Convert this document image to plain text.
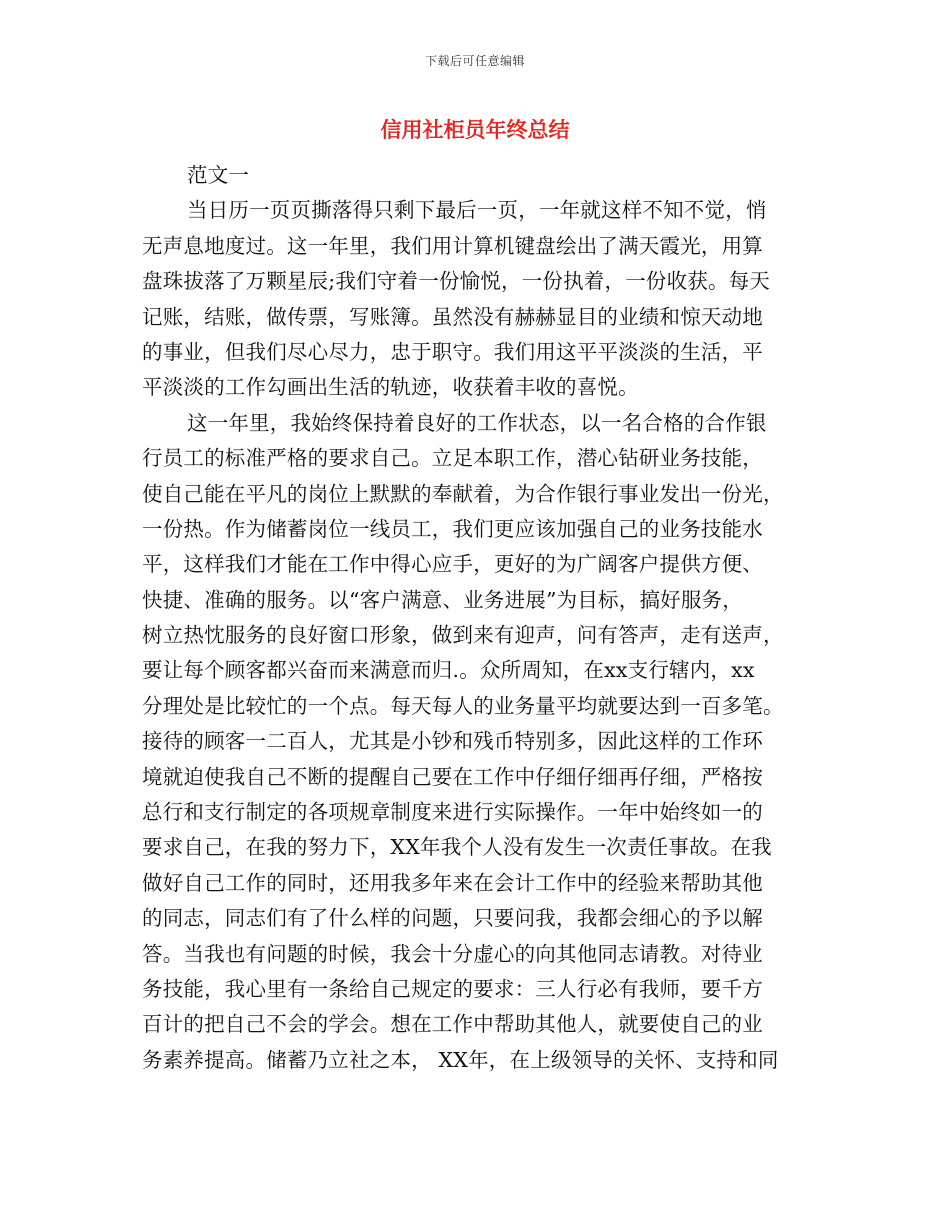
下载后可任意编辑
信用社柜员年终总结
范文一
当日历一页页撕落得只剩下最后一页，一年就这样不知不觉，悄
无声息地度过。这一年里，我们用计算机键盘绘出了满天霞光，用算
盘珠拔落了万颗星辰;我们守着一份愉悦，一份执着，一份收获。每天
记账，结账，做传票，写账簿。虽然没有赫赫显目的业绩和惊天动地
的事业，但我们尽心尽力，忠于职守。我们用这平平淡淡的生活，平
平淡淡的工作勾画出生活的轨迹，收获着丰收的喜悦。
这一年里，我始终保持着良好的工作状态，以一名合格的合作银
行员工的标准严格的要求自己。立足本职工作，潜心钻研业务技能，
使自己能在平凡的岗位上默默的奉献着，为合作银行事业发出一份光，
一份热。作为储蓄岗位一线员工，我们更应该加强自己的业务技能水
平，这样我们才能在工作中得心应手，更好的为广阔客户提供方便、
快捷、准确的服务。以“客户满意、业务进展”为目标，搞好服务，
树立热忱服务的良好窗口形象，做到来有迎声，问有答声，走有送声，
要让每个顾客都兴奋而来满意而归.。众所周知，在xx支行辖内，xx
分理处是比较忙的一个点。每天每人的业务量平均就要达到一百多笔。
接待的顾客一二百人，尤其是小钞和残币特别多，因此这样的工作环
境就迫使我自己不断的提醒自己要在工作中仔细仔细再仔细，严格按
总行和支行制定的各项规章制度来进行实际操作。一年中始终如一的
要求自己，在我的努力下，XX年我个人没有发生一次责任事故。在我
做好自己工作的同时，还用我多年来在会计工作中的经验来帮助其他
的同志，同志们有了什么样的问题，只要问我，我都会细心的予以解
答。当我也有问题的时候，我会十分虚心的向其他同志请教。对待业
务技能，我心里有一条给自己规定的要求：三人行必有我师，要千方
百计的把自己不会的学会。想在工作中帮助其他人，就要使自己的业
务素养提高。储蓄乃立社之本， XX年，在上级领导的关怀、支持和同
